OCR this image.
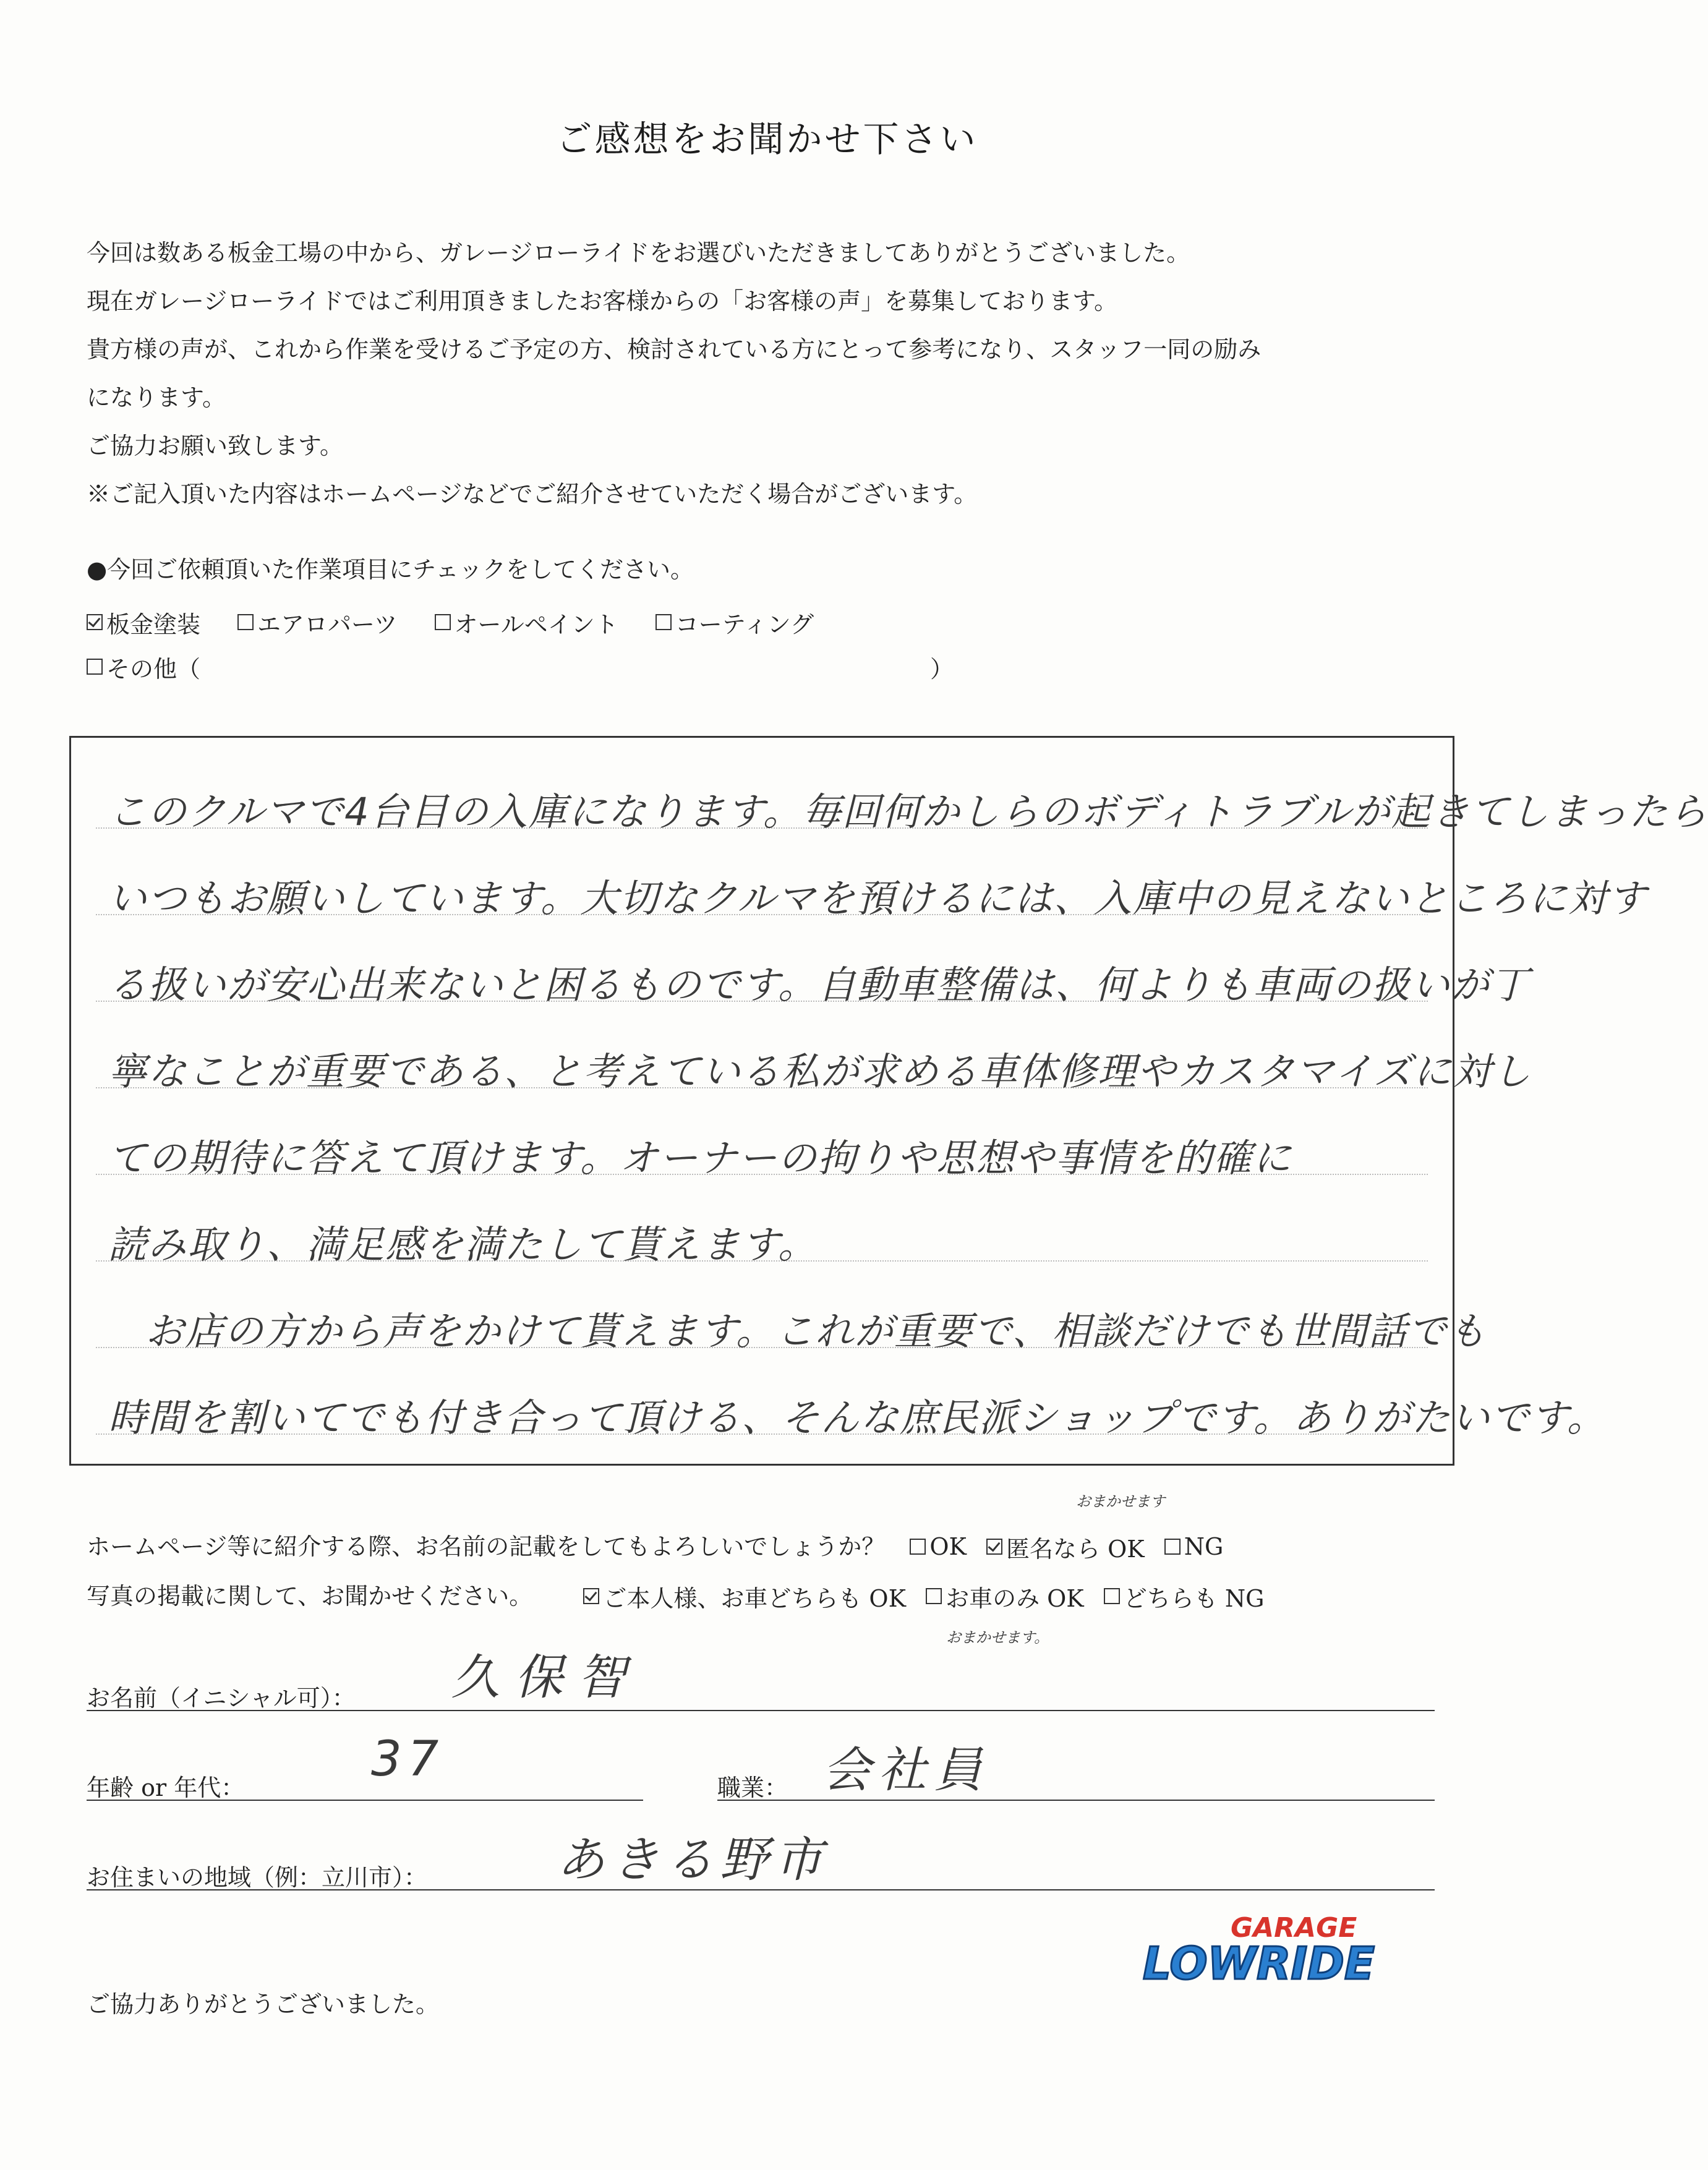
ご感想をお聞かせ下さい

今回は数ある板金工場の中から、ガレージローライドをお選びいただきましてありがとうございました。

現在ガレージローライドではご利用頂きましたお客様からの「お客様の声」を募集しております。

貴方様の声が、これから作業を受けるご予定の方、検討されている方にとって参考になり、スタッフ一同の励み

になります。

ご協力お願い致します。

※ご記入頂いた内容はホームページなどでご紹介させていただく場合がございます。

●今回ご依頼頂いた作業項目にチェックをしてください。
板金塗装 エアロパーツ オールペイント コーティング
その他（	）
このクルマで4台目の入庫になります。毎回何かしらのボディトラブルが起きてしまったら
いつもお願いしています。大切なクルマを預けるには、入庫中の見えないところに対す
る扱いが安心出来ないと困るものです。自動車整備は、何よりも車両の扱いが丁
寧なことが重要である、と考えている私が求める車体修理やカスタマイズに対し
ての期待に答えて頂けます。オーナーの拘りや思想や事情を的確に
読み取り、満足感を満たして貰えます。
お店の方から声をかけて貰えます。これが重要で、相談だけでも世間話でも
時間を割いてでも付き合って頂ける、そんな庶民派ショップです。ありがたいです。
おまかせます
ホームページ等に紹介する際、お名前の記載をしてもよろしいでしょうか？ OK
匿名なら OK
NG
写真の掲載に関して、お聞かせください。	ご本人様、お車どちらも OK
お車のみ OK
どちらも NG
おまかせます。
お名前（イニシャル可）： 久保智
年齢 or 年代：
37
職業： 会社員
お住まいの地域（例：立川市）：	あきる野市
GARAGE
LOWRIDE
ご協力ありがとうございました。
